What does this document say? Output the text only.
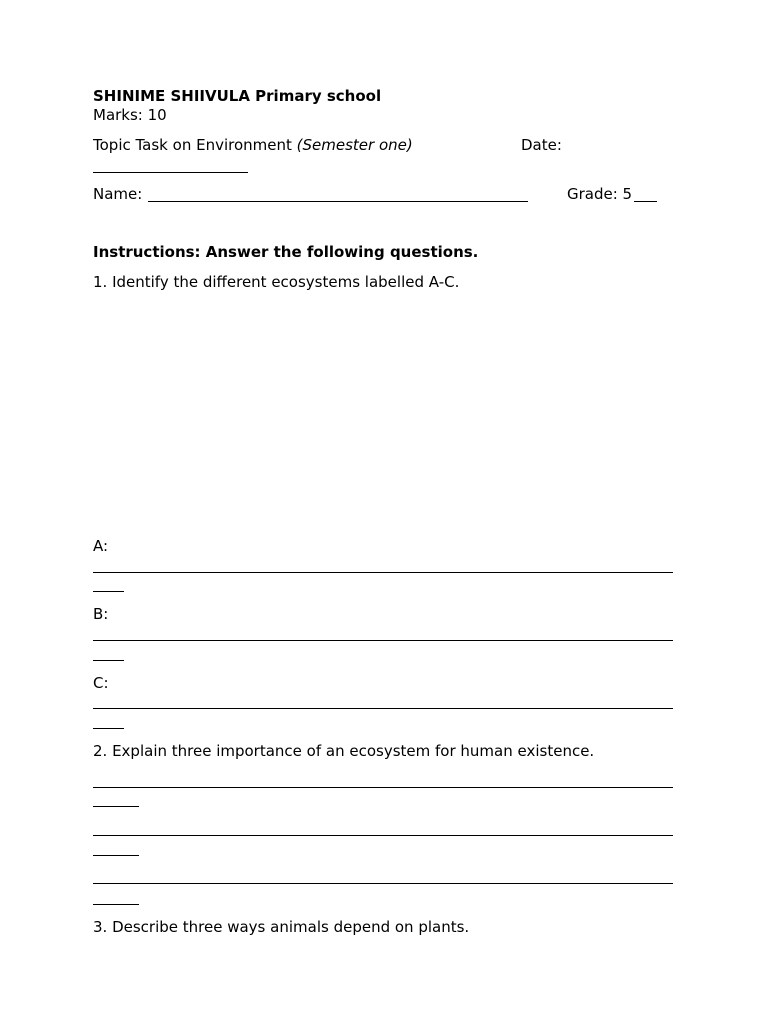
SHINIME SHIIVULA Primary school
Marks: 10
Topic Task on Environment (Semester one)	Date:
Name:	Grade: 5
Instructions: Answer the following questions.
1. Identify the different ecosystems labelled A-C.
A:
B:
C:
2. Explain three importance of an ecosystem for human existence.
3. Describe three ways animals depend on plants.
